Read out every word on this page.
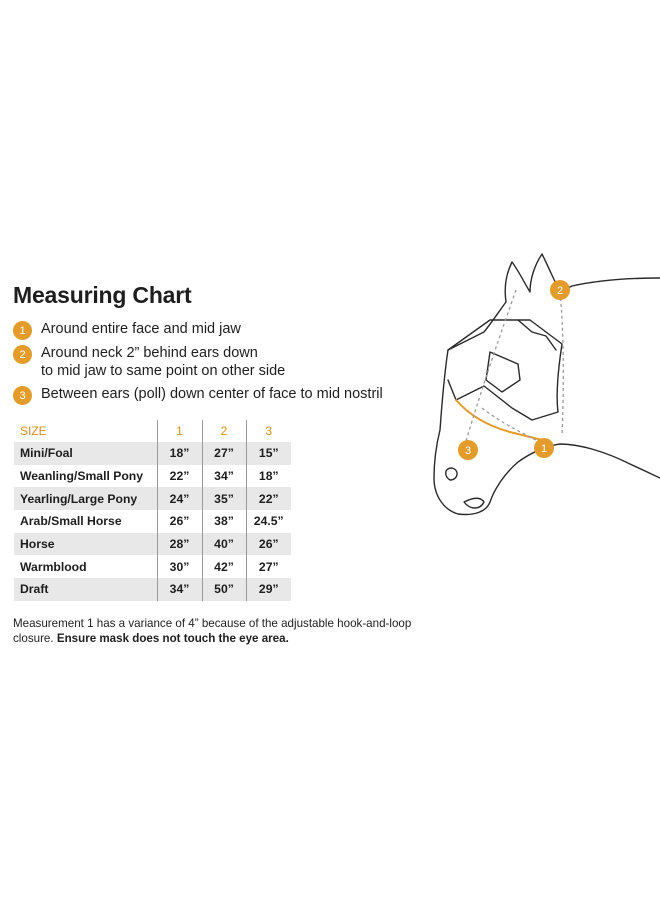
Measuring Chart
1	Around entire face and mid jaw
2	Around neck 2” behind ears down
to mid jaw to same point on other side
3	Between ears (poll) down center of face to mid nostril
SIZE	1	2	3
Mini/Foal	18”	27”	15”
Weanling/Small Pony	22”	34”	18”
Yearling/Large Pony	24”	35”	22”
Arab/Small Horse	26”	38”	24.5”
Horse	28”	40”	26”
Warmblood	30”	42”	27”
Draft	34”	50”	29”
Measurement 1 has a variance of 4” because of the adjustable hook-and-loop closure. Ensure mask does not touch the eye area.
2
1
3
